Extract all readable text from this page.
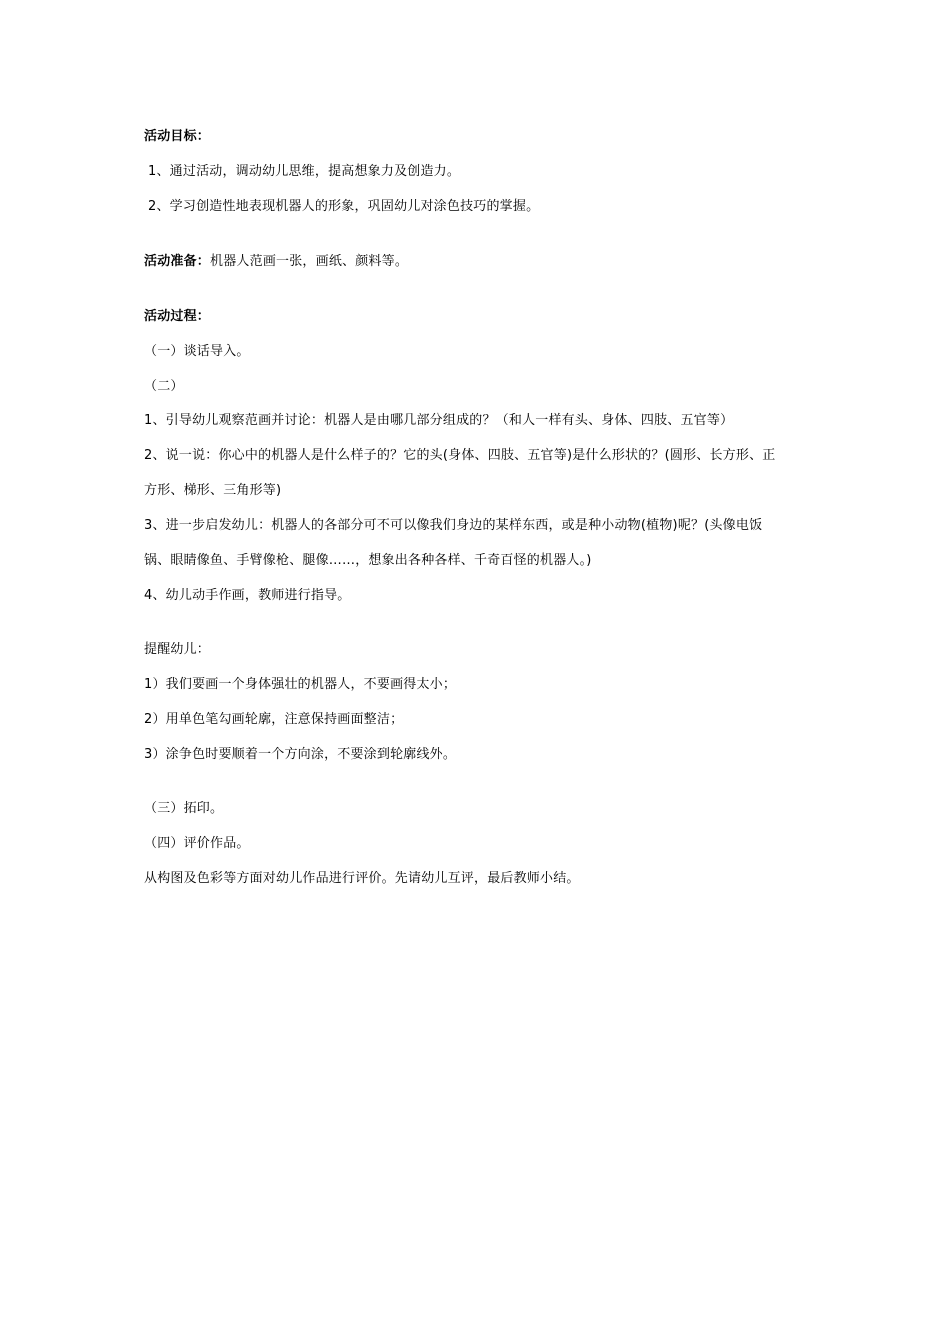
活动目标：
1、通过活动，调动幼儿思维，提高想象力及创造力。
2、学习创造性地表现机器人的形象，巩固幼儿对涂色技巧的掌握。
活动准备：机器人范画一张，画纸、颜料等。
活动过程：
（一）谈话导入。
（二）
1、引导幼儿观察范画并讨论：机器人是由哪几部分组成的？（和人一样有头、身体、四肢、五官等）
2、说一说：你心中的机器人是什么样子的？它的头(身体、四肢、五官等)是什么形状的？(圆形、长方形、正
方形、梯形、三角形等)
3、进一步启发幼儿：机器人的各部分可不可以像我们身边的某样东西，或是种小动物(植物)呢？(头像电饭
锅、眼睛像鱼、手臂像枪、腿像……，想象出各种各样、千奇百怪的机器人。)
4、幼儿动手作画，教师进行指导。
提醒幼儿：
1）我们要画一个身体强壮的机器人，不要画得太小；
2）用单色笔勾画轮廓，注意保持画面整洁；
3）涂争色时要顺着一个方向涂，不要涂到轮廓线外。
（三）拓印。
（四）评价作品。
从构图及色彩等方面对幼儿作品进行评价。先请幼儿互评，最后教师小结。
